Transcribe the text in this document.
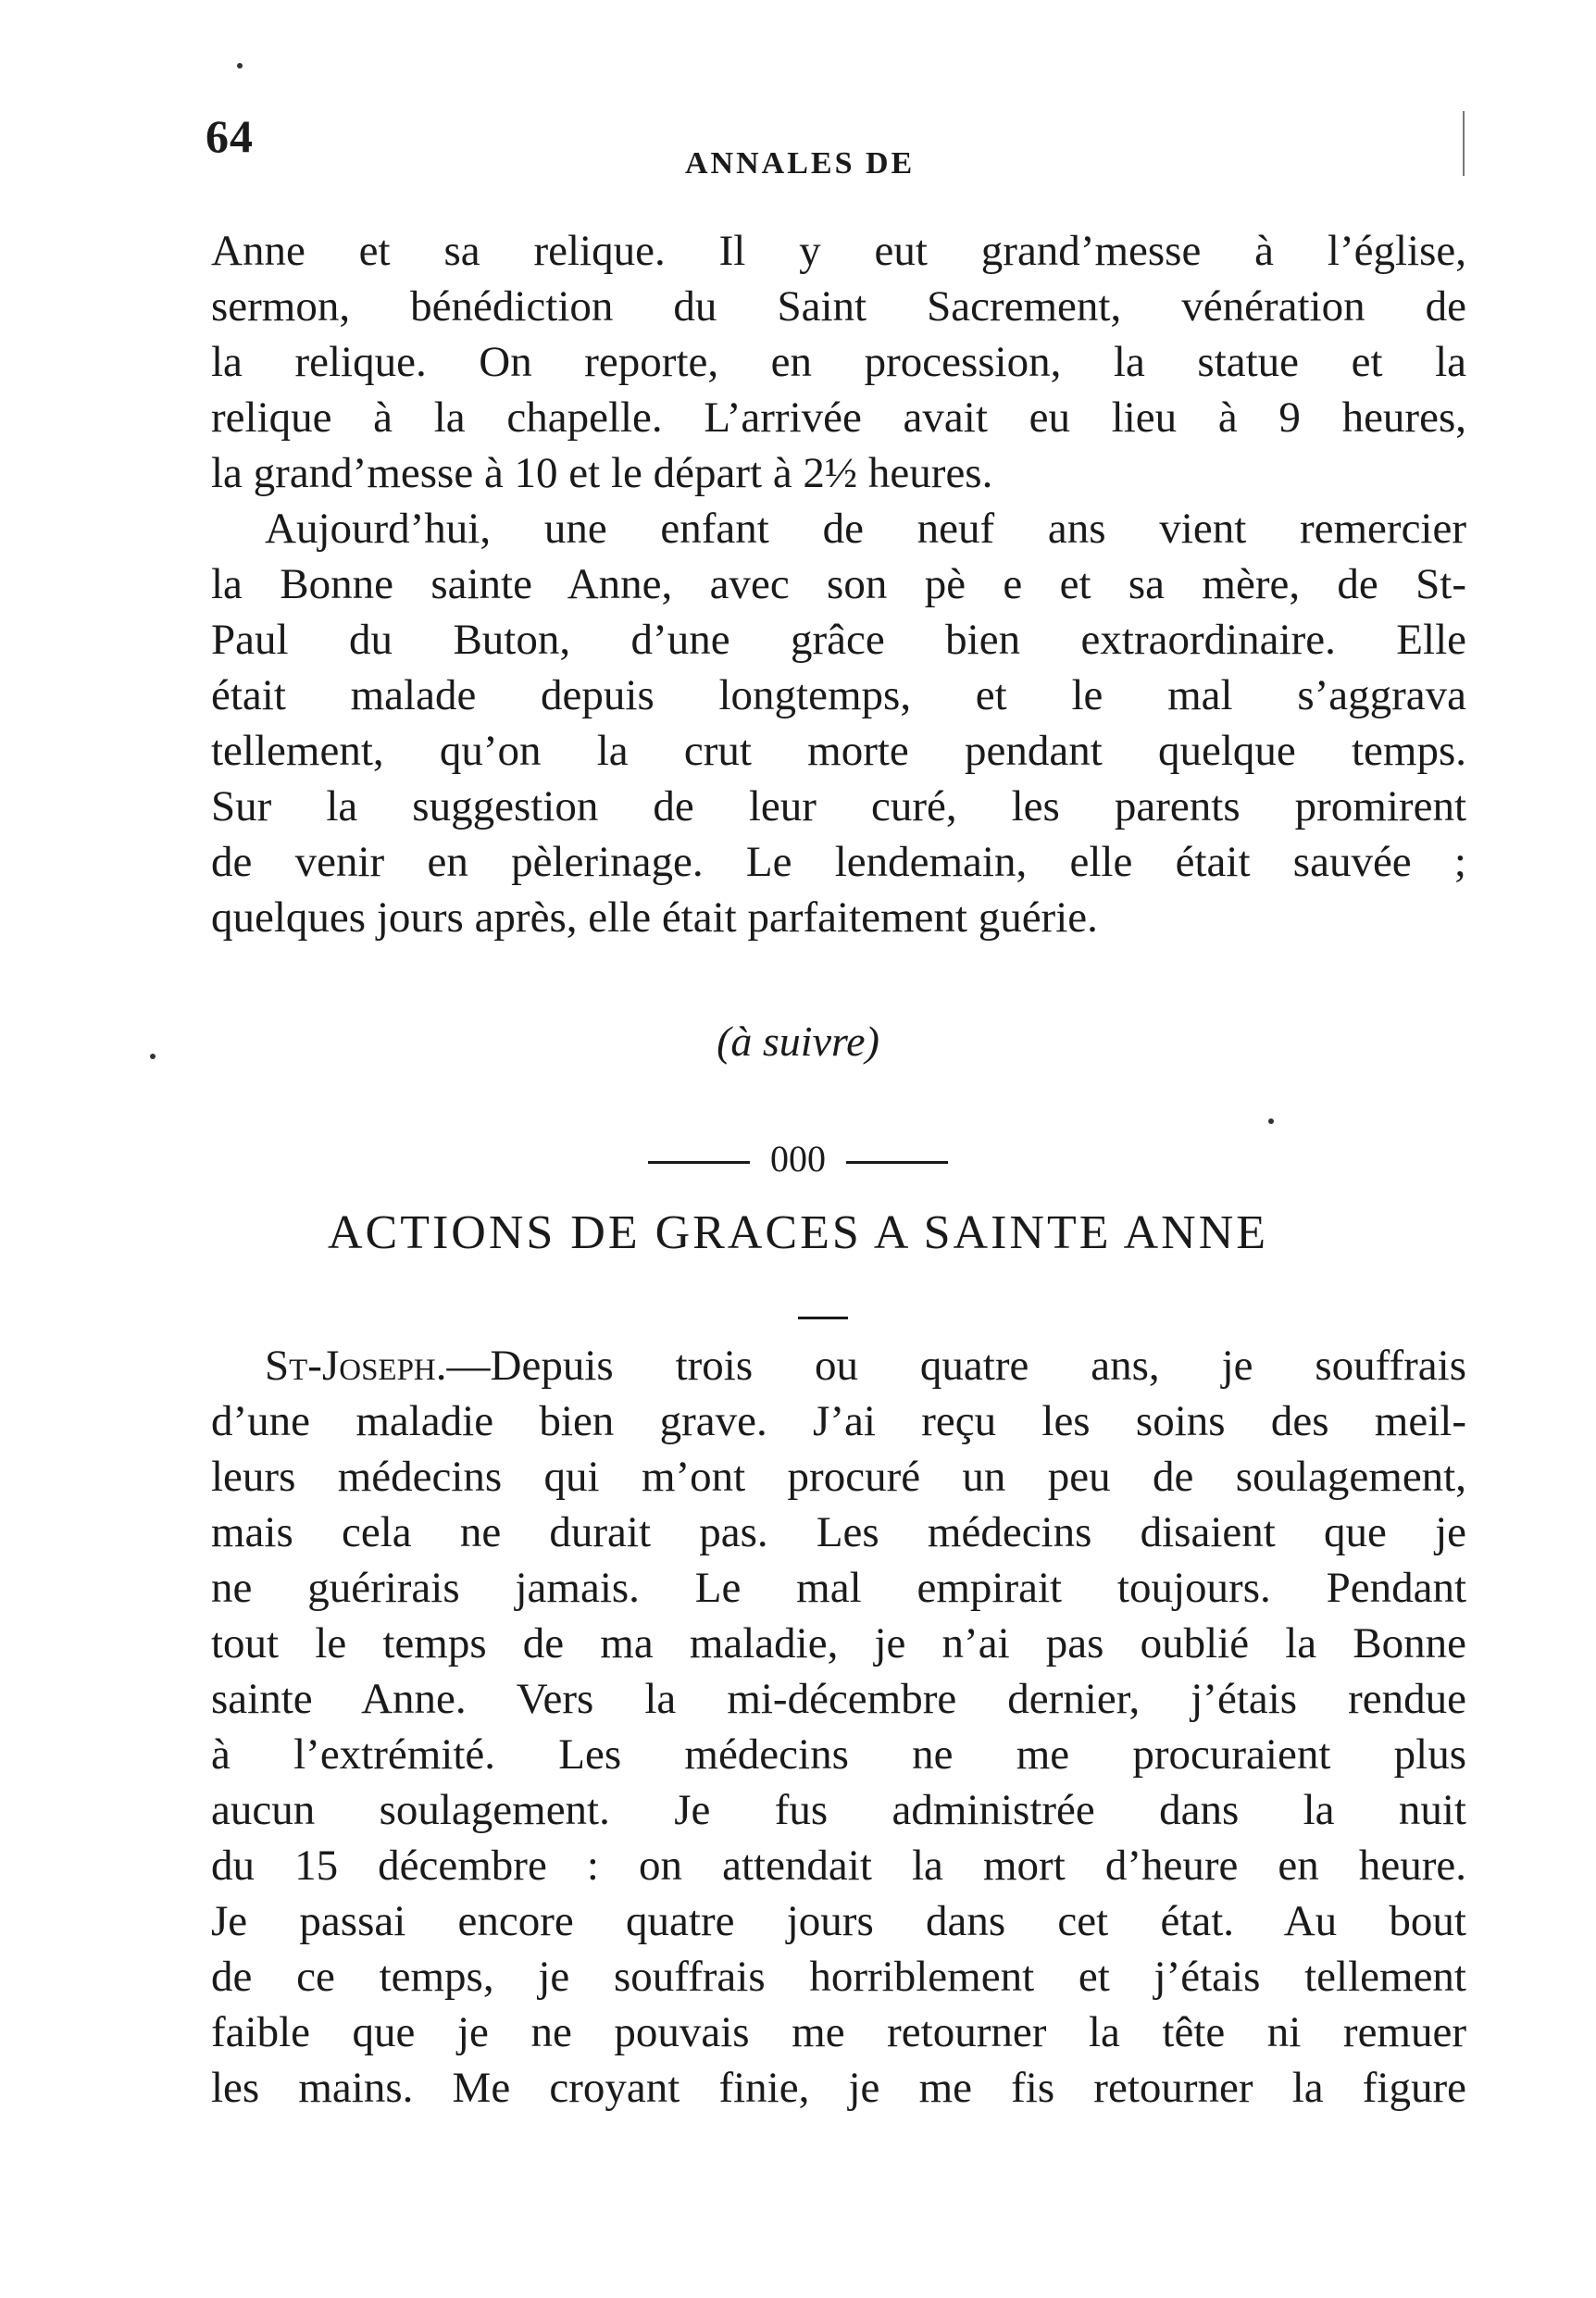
64
ANNALES DE
Anne et sa relique. Il y eut grand’messe à l’église,
sermon, bénédiction du Saint Sacrement, vénération de
la relique. On reporte, en procession, la statue et la
relique à la chapelle. L’arrivée avait eu lieu à 9 heures,
la grand’messe à 10 et le départ à 2½ heures.
Aujourd’hui, une enfant de neuf ans vient remercier
la Bonne sainte Anne, avec son pè e et sa mère, de St-
Paul du Buton, d’une grâce bien extraordinaire. Elle
était malade depuis longtemps, et le mal s’aggrava
tellement, qu’on la crut morte pendant quelque temps.
Sur la suggestion de leur curé, les parents promirent
de venir en pèlerinage. Le lendemain, elle était sauvée ;
quelques jours après, elle était parfaitement guérie.
(à suivre)
000
ACTIONS DE GRACES A SAINTE ANNE
St-Joseph.—Depuis trois ou quatre ans, je souffrais
d’une maladie bien grave. J’ai reçu les soins des meil-
leurs médecins qui m’ont procuré un peu de soulagement,
mais cela ne durait pas. Les médecins disaient que je
ne guérirais jamais. Le mal empirait toujours. Pendant
tout le temps de ma maladie, je n’ai pas oublié la Bonne
sainte Anne. Vers la mi-décembre dernier, j’étais rendue
à l’extrémité. Les médecins ne me procuraient plus
aucun soulagement. Je fus administrée dans la nuit
du 15 décembre : on attendait la mort d’heure en heure.
Je passai encore quatre jours dans cet état. Au bout
de ce temps, je souffrais horriblement et j’étais tellement
faible que je ne pouvais me retourner la tête ni remuer
les mains. Me croyant finie, je me fis retourner la figure
